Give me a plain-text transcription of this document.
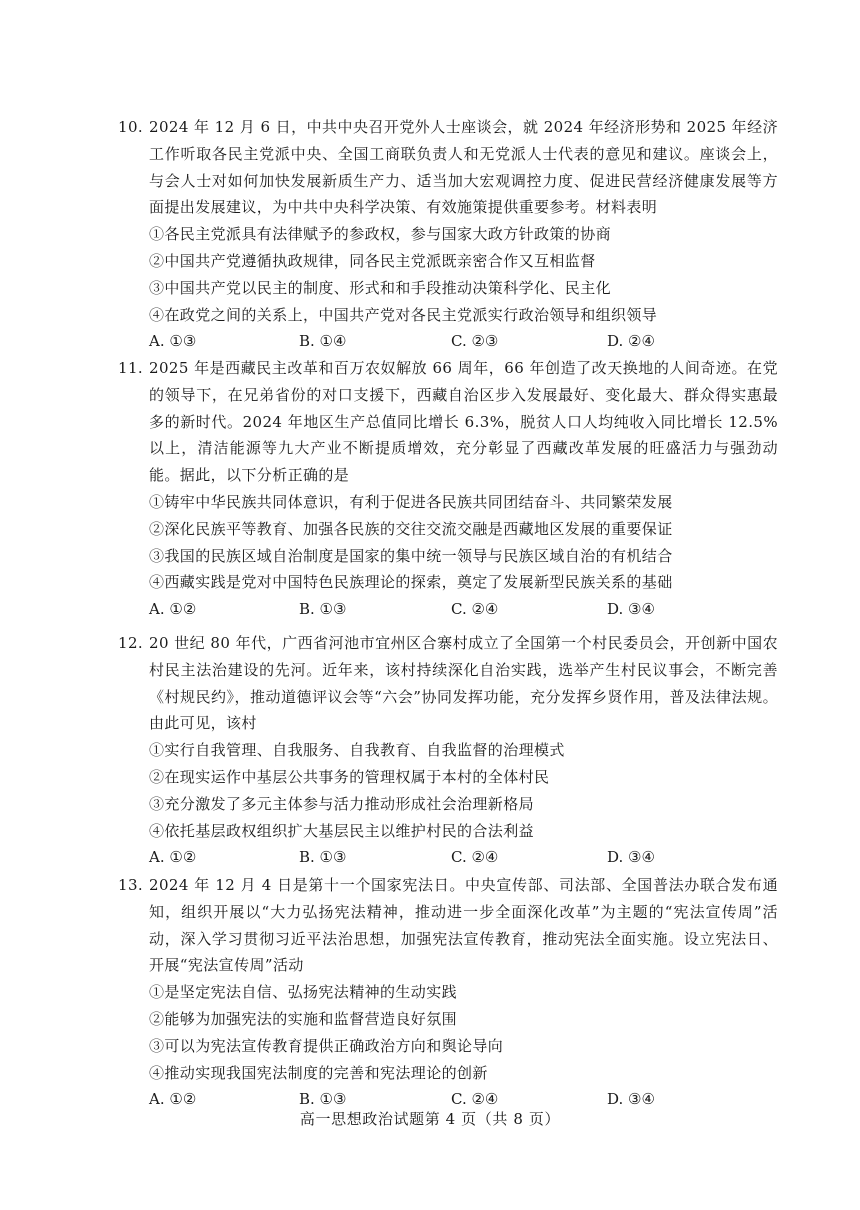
10. 2024 年 12 月 6 日，中共中央召开党外人士座谈会，就 2024 年经济形势和 2025 年经济工作听取各民主党派中央、全国工商联负责人和无党派人士代表的意见和建议。座谈会上，与会人士对如何加快发展新质生产力、适当加大宏观调控力度、促进民营经济健康发展等方面提出发展建议，为中共中央科学决策、有效施策提供重要参考。材料表明
①各民主党派具有法律赋予的参政权，参与国家大政方针政策的协商
②中国共产党遵循执政规律，同各民主党派既亲密合作又互相监督
③中国共产党以民主的制度、形式和和手段推动决策科学化、民主化
④在政党之间的关系上，中国共产党对各民主党派实行政治领导和组织领导
A. ①③	B. ①④	C. ②③	D. ②④
11. 2025 年是西藏民主改革和百万农奴解放 66 周年，66 年创造了改天换地的人间奇迹。在党的领导下，在兄弟省份的对口支援下，西藏自治区步入发展最好、变化最大、群众得实惠最多的新时代。2024 年地区生产总值同比增长 6.3%，脱贫人口人均纯收入同比增长 12.5%以上，清洁能源等九大产业不断提质增效，充分彰显了西藏改革发展的旺盛活力与强劲动能。据此，以下分析正确的是
①铸牢中华民族共同体意识，有利于促进各民族共同团结奋斗、共同繁荣发展
②深化民族平等教育、加强各民族的交往交流交融是西藏地区发展的重要保证
③我国的民族区域自治制度是国家的集中统一领导与民族区域自治的有机结合
④西藏实践是党对中国特色民族理论的探索，奠定了发展新型民族关系的基础
A. ①②	B. ①③	C. ②④	D. ③④
12. 20 世纪 80 年代，广西省河池市宜州区合寨村成立了全国第一个村民委员会，开创新中国农村民主法治建设的先河。近年来，该村持续深化自治实践，选举产生村民议事会，不断完善《村规民约》，推动道德评议会等“六会”协同发挥功能，充分发挥乡贤作用，普及法律法规。由此可见，该村
①实行自我管理、自我服务、自我教育、自我监督的治理模式
②在现实运作中基层公共事务的管理权属于本村的全体村民
③充分激发了多元主体参与活力推动形成社会治理新格局
④依托基层政权组织扩大基层民主以维护村民的合法利益
A. ①②	B. ①③	C. ②④	D. ③④
13. 2024 年 12 月 4 日是第十一个国家宪法日。中央宣传部、司法部、全国普法办联合发布通知，组织开展以“大力弘扬宪法精神，推动进一步全面深化改革”为主题的“宪法宣传周”活动，深入学习贯彻习近平法治思想，加强宪法宣传教育，推动宪法全面实施。设立宪法日、开展“宪法宣传周”活动
①是坚定宪法自信、弘扬宪法精神的生动实践
②能够为加强宪法的实施和监督营造良好氛围
③可以为宪法宣传教育提供正确政治方向和舆论导向
④推动实现我国宪法制度的完善和宪法理论的创新
A. ①②	B. ①③	C. ②④	D. ③④
高一思想政治试题第 4 页（共 8 页）
